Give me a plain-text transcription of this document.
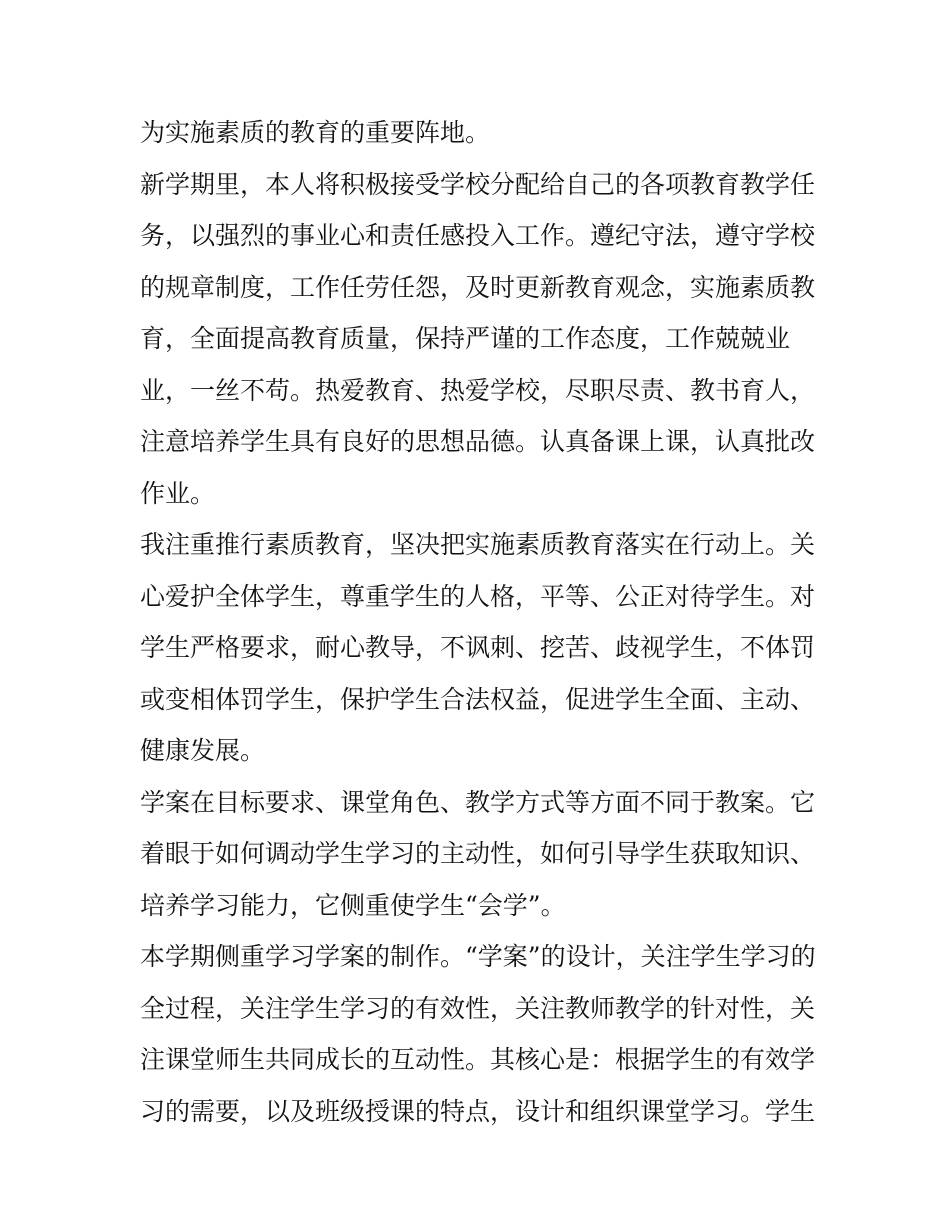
为实施素质的教育的重要阵地。
新学期里，本人将积极接受学校分配给自己的各项教育教学任
务，以强烈的事业心和责任感投入工作。遵纪守法，遵守学校
的规章制度，工作任劳任怨，及时更新教育观念，实施素质教
育，全面提高教育质量，保持严谨的工作态度，工作兢兢业
业，一丝不苟。热爱教育、热爱学校，尽职尽责、教书育人，
注意培养学生具有良好的思想品德。认真备课上课，认真批改
作业。
我注重推行素质教育，坚决把实施素质教育落实在行动上。关
心爱护全体学生，尊重学生的人格，平等、公正对待学生。对
学生严格要求，耐心教导，不讽刺、挖苦、歧视学生，不体罚
或变相体罚学生，保护学生合法权益，促进学生全面、主动、
健康发展。
学案在目标要求、课堂角色、教学方式等方面不同于教案。它
着眼于如何调动学生学习的主动性，如何引导学生获取知识、
培养学习能力，它侧重使学生“会学”。
本学期侧重学习学案的制作。“学案”的设计，关注学生学习的
全过程，关注学生学习的有效性，关注教师教学的针对性，关
注课堂师生共同成长的互动性。其核心是：根据学生的有效学
习的需要，以及班级授课的特点，设计和组织课堂学习。学生
